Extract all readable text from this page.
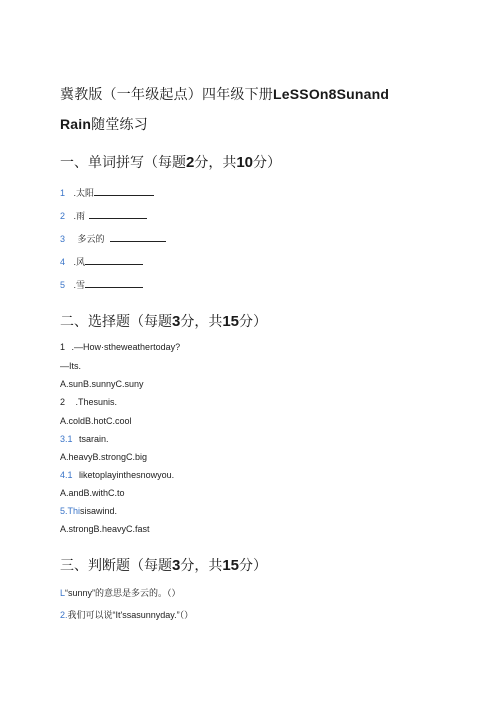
冀教版（一年级起点）四年级下册LeSSOn8Sunand
Rain随堂练习
一、单词拼写（每题2分，共10分）
1 .太阳
2 .雨
3 多云的
4 .风
5 .雪
二、选择题（每题3分，共15分）
1 .—How·stheweathertoday?
—Its.
A.sunB.sunnyC.suny
2 .Thesunis.
A.coldB.hotC.cool
3.1 tsarain.
A.heavyB.strongC.big
4.1 liketoplayinthesnowyou.
A.andB.withC.to
5.Thisisawind.
A.strongB.heavyC.fast
三、判断题（每题3分，共15分）
L“sunny”的意思是多云的。（）
2.我们可以说“It'ssasunnyday.”（）
